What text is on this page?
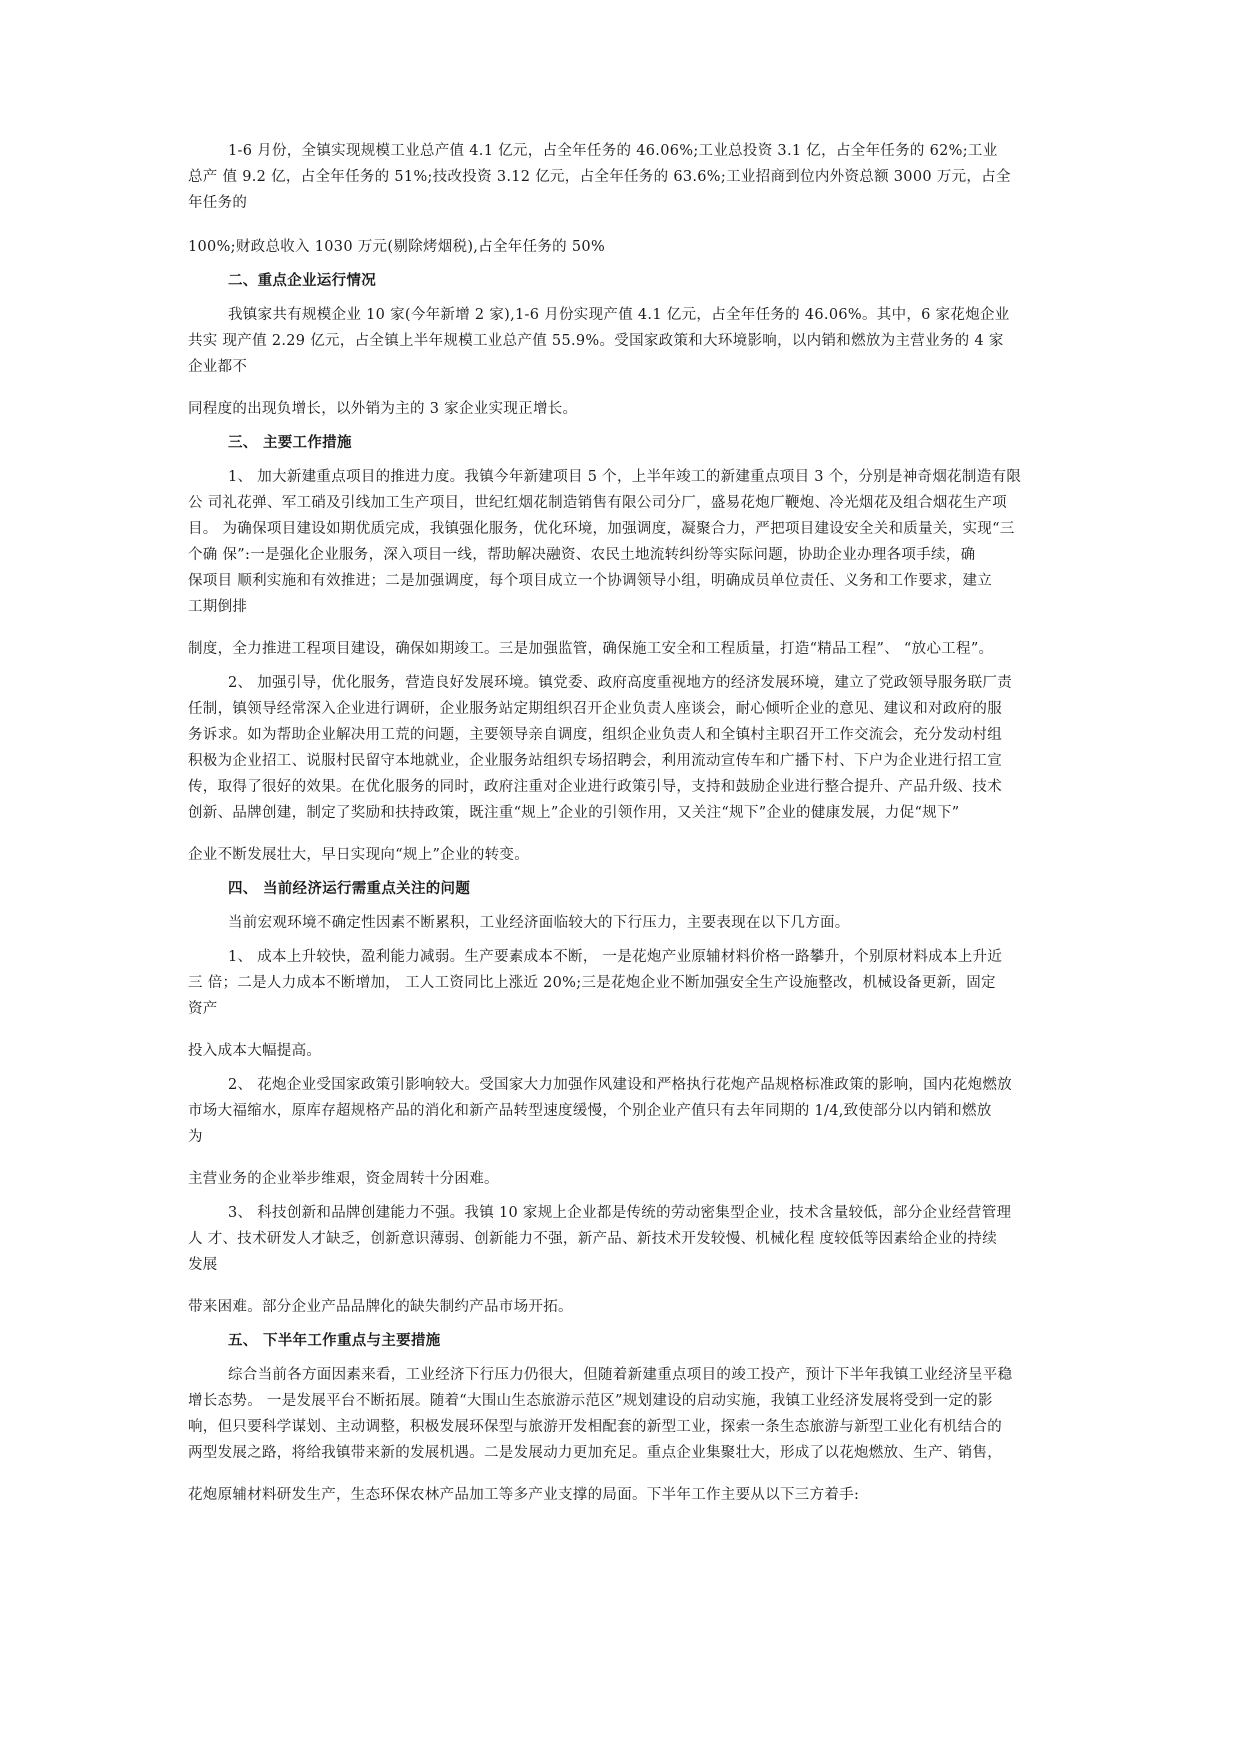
1-6 月份，全镇实现规模工业总产值 4.1 亿元，占全年任务的 46.06%;工业总投资 3.1 亿，占全年任务的 62%;工业
总产 值 9.2 亿，占全年任务的 51%;技改投资 3.12 亿元，占全年任务的 63.6%;工业招商到位内外资总额 3000 万元，占全
年任务的
100%;财政总收入 1030 万元(剔除烤烟税),占全年任务的 50%
二、重点企业运行情况
我镇家共有规模企业 10 家(今年新增 2 家),1-6 月份实现产值 4.1 亿元，占全年任务的 46.06%。其中，6 家花炮企业
共实 现产值 2.29 亿元，占全镇上半年规模工业总产值 55.9%。受国家政策和大环境影响，以内销和燃放为主营业务的 4 家
企业都不
同程度的出现负增长，以外销为主的 3 家企业实现正增长。
三、 主要工作措施
1、 加大新建重点项目的推进力度。我镇今年新建项目 5 个，上半年竣工的新建重点项目 3 个，分别是神奇烟花制造有限
公 司礼花弹、军工硝及引线加工生产项目，世纪红烟花制造销售有限公司分厂，盛易花炮厂鞭炮、冷光烟花及组合烟花生产项
目。 为确保项目建设如期优质完成，我镇强化服务，优化环境，加强调度，凝聚合力，严把项目建设安全关和质量关，实现“三
个确 保”:一是强化企业服务，深入项目一线，帮助解决融资、农民土地流转纠纷等实际问题，协助企业办理各项手续，确
保项目 顺利实施和有效推进；二是加强调度，每个项目成立一个协调领导小组，明确成员单位责任、义务和工作要求，建立
工期倒排
制度，全力推进工程项目建设，确保如期竣工。三是加强监管，确保施工安全和工程质量，打造“精品工程”、 “放心工程”。
2、 加强引导，优化服务，营造良好发展环境。镇党委、政府高度重视地方的经济发展环境，建立了党政领导服务联厂责
任制，镇领导经常深入企业进行调研，企业服务站定期组织召开企业负责人座谈会，耐心倾听企业的意见、建议和对政府的服
务诉求。如为帮助企业解决用工荒的问题，主要领导亲自调度，组织企业负责人和全镇村主职召开工作交流会，充分发动村组
积极为企业招工、说服村民留守本地就业，企业服务站组织专场招聘会，利用流动宣传车和广播下村、下户为企业进行招工宣
传，取得了很好的效果。在优化服务的同时，政府注重对企业进行政策引导，支持和鼓励企业进行整合提升、产品升级、技术
创新、品牌创建，制定了奖励和扶持政策，既注重“规上”企业的引领作用，又关注“规下”企业的健康发展，力促“规下”
企业不断发展壮大，早日实现向“规上”企业的转变。
四、 当前经济运行需重点关注的问题
当前宏观环境不确定性因素不断累积，工业经济面临较大的下行压力，主要表现在以下几方面。
1、 成本上升较快，盈利能力减弱。生产要素成本不断， 一是花炮产业原辅材料价格一路攀升，个别原材料成本上升近
三 倍；二是人力成本不断增加， 工人工资同比上涨近 20%;三是花炮企业不断加强安全生产设施整改，机械设备更新，固定
资产
投入成本大幅提高。
2、 花炮企业受国家政策引影响较大。受国家大力加强作风建设和严格执行花炮产品规格标准政策的影响，国内花炮燃放
市场大福缩水，原库存超规格产品的消化和新产品转型速度缓慢，个别企业产值只有去年同期的 1/4,致使部分以内销和燃放
为
主营业务的企业举步维艰，资金周转十分困难。
3、 科技创新和品牌创建能力不强。我镇 10 家规上企业都是传统的劳动密集型企业，技术含量较低，部分企业经营管理
人 才、技术研发人才缺乏，创新意识薄弱、创新能力不强，新产品、新技术开发较慢、机械化程 度较低等因素给企业的持续
发展
带来困难。部分企业产品品牌化的缺失制约产品市场开拓。
五、 下半年工作重点与主要措施
综合当前各方面因素来看，工业经济下行压力仍很大，但随着新建重点项目的竣工投产，预计下半年我镇工业经济呈平稳
增长态势。 一是发展平台不断拓展。随着“大围山生态旅游示范区”规划建设的启动实施，我镇工业经济发展将受到一定的影
响，但只要科学谋划、主动调整，积极发展环保型与旅游开发相配套的新型工业，探索一条生态旅游与新型工业化有机结合的
两型发展之路，将给我镇带来新的发展机遇。二是发展动力更加充足。重点企业集聚壮大，形成了以花炮燃放、生产、销售，
花炮原辅材料研发生产，生态环保农林产品加工等多产业支撑的局面。下半年工作主要从以下三方着手:
